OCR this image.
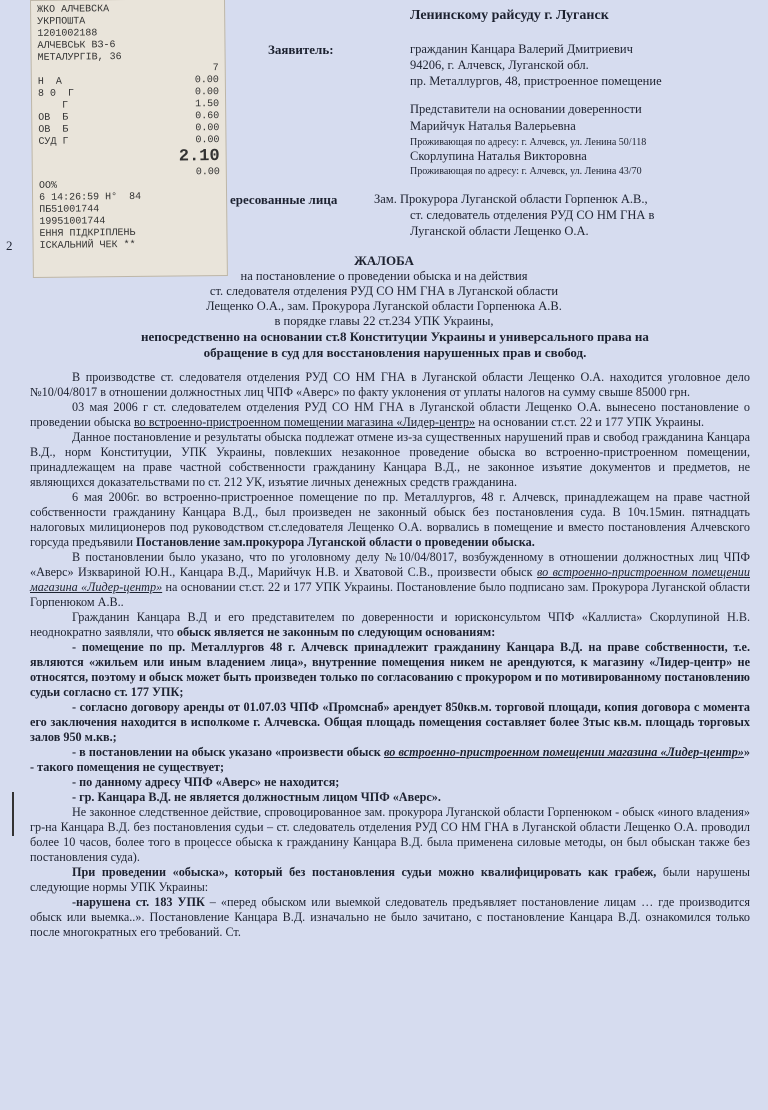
ЖКО АЛЧЕВСКА
УКРПОШТА
1201002188
АЛЧЕВСЬК ВЗ-6
МЕТАЛУРГІВ, 36
7
Н  А	0.00
8 0  Г	0.00
Г	1.50
ОВ  Б	0.60
ОВ  Б	0.00
СУД Г	0.00
2.10
0.00
ОО%
6 14:26:59 Н°  84
ПБ51001744
19951001744
ЕННЯ ПІДКРІПЛЕНЬ
ІСКАЛЬНИЙ ЧЕК **
2
Ленинскому райсуду г. Луганск
Заявитель:	гражданин Канцара Валерий Дмитриевич
94206, г. Алчевск, Луганской обл.
пр. Металлургов, 48, пристроенное помещение
Представители на основании доверенности
Марийчук Наталья Валерьевна
Проживающая по адресу: г. Алчевск, ул. Ленина 50/118
Скорлупина Наталья Викторовна
Проживающая по адресу: г. Алчевск, ул. Ленина 43/70
ересованные лица	Зам. Прокурора Луганской области Горпенюк А.В.,
ст. следователь отделения РУД СО НМ ГНА в
Луганской области Лещенко О.А.
ЖАЛОБА
на постановление о проведении обыска и на действия
ст. следователя отделения РУД СО НМ ГНА в Луганской области
Лещенко О.А., зам. Прокурора Луганской области Горпенюка А.В.
в порядке главы 22 ст.234 УПК Украины,
непосредственно на основании ст.8 Конституции Украины и универсального права на
обращение в суд для восстановления нарушенных прав и свобод.

В производстве ст. следователя отделения РУД СО НМ ГНА в Луганской области Лещенко О.А. находится уголовное дело №10/04/8017 в отношении должностных лиц ЧПФ «Аверс» по факту уклонения от уплаты налогов на сумму свыше 85000 грн.

03 мая 2006 г ст. следователем отделения РУД СО НМ ГНА в Луганской области Лещенко О.А. вынесено постановление о проведении обыска во встроенно-пристроенном помещении магазина «Лидер-центр» на основании ст.ст. 22 и 177 УПК Украины.

Данное постановление и результаты обыска подлежат отмене из-за существенных нарушений прав и свобод гражданина Канцара В.Д., норм Конституции, УПК Украины, повлекших незаконное проведение обыска во встроенно-пристроенном помещении, принадлежащем на праве частной собственности гражданину Канцара В.Д., не законное изъятие документов и предметов, не являющихся доказательствами по ст. 212 УК, изъятие личных денежных средств гражданина.

6 мая 2006г. во встроенно-пристроенное помещение по пр. Металлургов, 48 г. Алчевск, принадлежащем на праве частной собственности гражданину Канцара В.Д., был произведен не законный обыск без постановления суда. В 10ч.15мин. пятнадцать налоговых милиционеров под руководством ст.следователя Лещенко О.А. ворвались в помещение и вместо постановления Алчевского горсуда предъявили Постановление зам.прокурора Луганской области о проведении обыска.

В постановлении было указано, что по уголовному делу №10/04/8017, возбужденному в отношении должностных лиц ЧПФ «Аверс» Изквариной Ю.Н., Канцара В.Д., Марийчук Н.В. и Хватовой С.В., произвести обыск во встроенно-пристроенном помещении магазина «Лидер-центр» на основании ст.ст. 22 и 177 УПК Украины. Постановление было подписано зам. Прокурора Луганской области Горпенюком А.В..

Гражданин Канцара В.Д и его представителем по доверенности и юрисконсультом ЧПФ «Каллиста» Скорлупиной Н.В. неоднократно заявляли, что обыск является не законным по следующим основаниям:

- помещение по пр. Металлургов 48 г. Алчевск принадлежит гражданину Канцара В.Д. на праве собственности, т.е. являются «жильем или иным владением лица», внутренние помещения никем не арендуются, к магазину «Лидер-центр» не относятся, поэтому и обыск может быть произведен только по согласованию с прокурором и по мотивированному постановлению судьи согласно ст. 177 УПК;

- согласно договору аренды от 01.07.03 ЧПФ «Промснаб» арендует 850кв.м. торговой площади, копия договора с момента его заключения находится в исполкоме г. Алчевска. Общая площадь помещения составляет более 3тыс кв.м. площадь торговых залов 950 м.кв.;

- в постановлении на обыск указано «произвести обыск во встроенно-пристроенном помещении магазина «Лидер-центр»» - такого помещения не существует;

- по данному адресу ЧПФ «Аверс» не находится;

- гр. Канцара В.Д. не является должностным лицом ЧПФ «Аверс».

Не законное следственное действие, спровоцированное зам. прокурора Луганской области Горпенюком - обыск «иного владения» гр-на Канцара В.Д. без постановления судьи – ст. следователь отделения РУД СО НМ ГНА в Луганской области Лещенко О.А. проводил более 10 часов, более того в процессе обыска к гражданину Канцара В.Д. была применена силовые методы, он был обыскан также без постановления суда).

При проведении «обыска», который без постановления судьи можно квалифицировать как грабеж, были нарушены следующие нормы УПК Украины:

-нарушена ст. 183 УПК – «перед обыском или выемкой следователь предъявляет постановление лицам … где производится обыск или выемка..». Постановление Канцара В.Д. изначально не было зачитано, с постановление Канцара В.Д. ознакомился только после многократных его требований. Ст.
